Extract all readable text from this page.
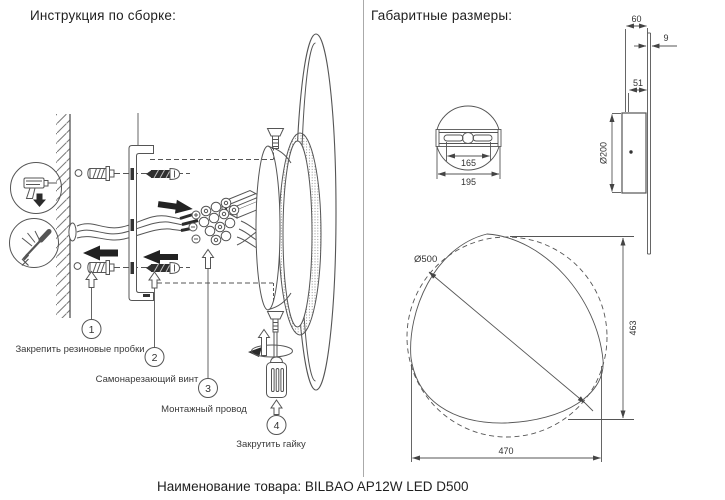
Инструкция по сборке:	Габаритные размеры:
1
2
3
4
Закрепить резиновые пробки
Самонарезающий винт
Монтажный провод
Закрутить гайку
165
195
60
9
51
Ø200
Ø500
463
470
Наименование товара: BILBAO AP12W LED D500
